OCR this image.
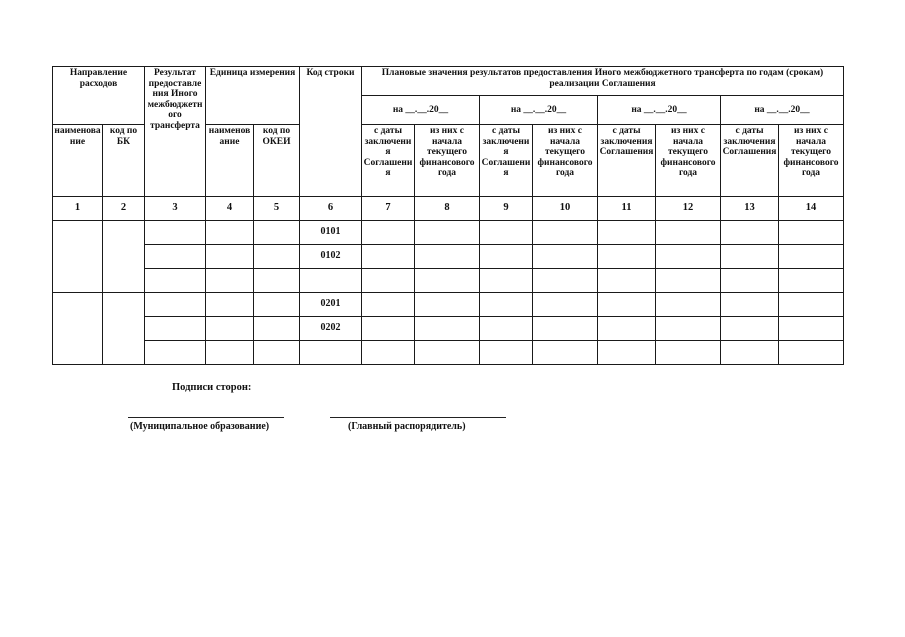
Направление расходов		Результат предоставления Иного межбюджетного трансферта	Единица измерения		Код строки	Плановые значения результатов предоставления Иного межбюджетного трансферта по годам (срокам) реализации Соглашения							
						на __.__.20__		на __.__.20__		на __.__.20__		на __.__.20__	
наименование	код по БК		наименование	код по ОКЕИ		с даты заключения Соглашения	из них с начала текущего финансового года	с даты заключения Соглашения	из них с начала текущего финансового года	с даты заключения Соглашения	из них с начала текущего финансового года	с даты заключения Соглашения	из них с начала текущего финансового года
1	2	3	4	5	6	7	8	9	10	11	12	13	14
					0101								
					0102								

					0201								
					0202								

Подписи сторон:
(Муниципальное образование)	(Главный распорядитель)
